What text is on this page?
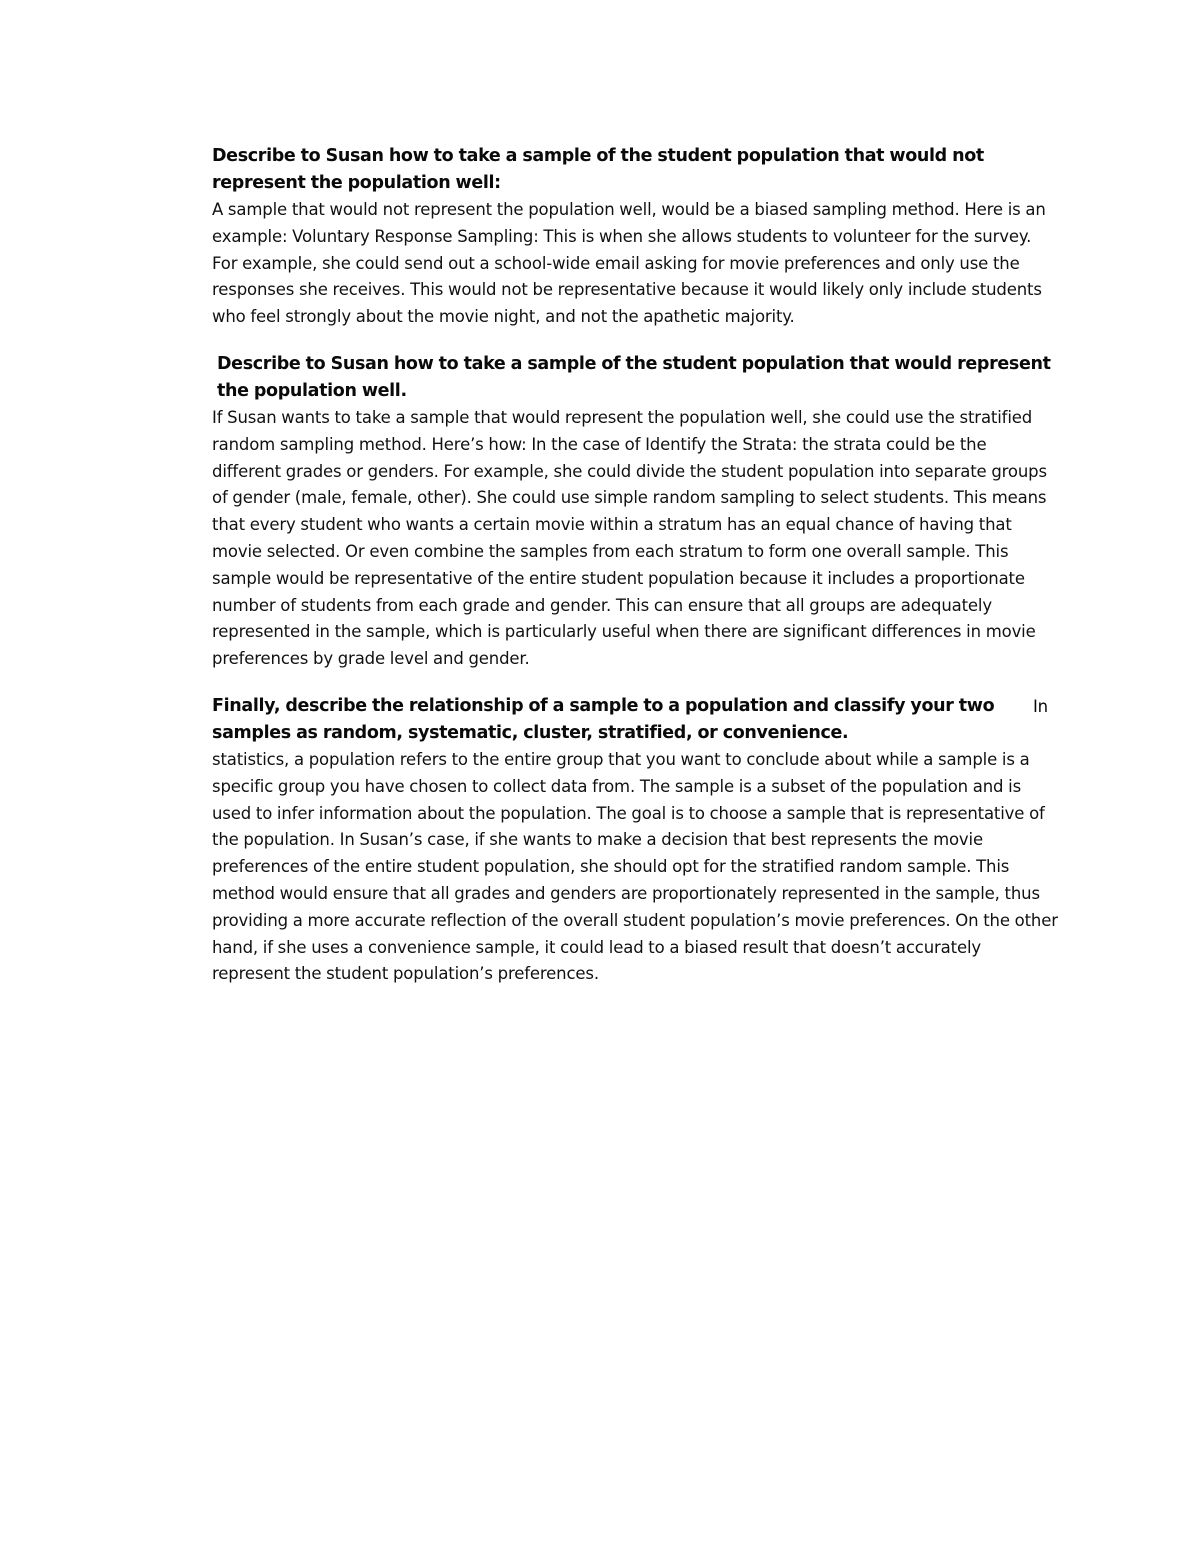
Describe to Susan how to take a sample of the student population that would not represent the population well:

A sample that would not represent the population well, would be a biased sampling method. Here is an example: Voluntary Response Sampling: This is when she allows students to volunteer for the survey. For example, she could send out a school-wide email asking for movie preferences and only use the responses she receives. This would not be representative because it would likely only include students who feel strongly about the movie night, and not the apathetic majority.

Describe to Susan how to take a sample of the student population that would represent the population well.

If Susan wants to take a sample that would represent the population well, she could use the stratified random sampling method. Here’s how: In the case of Identify the Strata: the strata could be the different grades or genders. For example, she could divide the student population into separate groups of gender (male, female, other). She could use simple random sampling to select students. This means that every student who wants a certain movie within a stratum has an equal chance of having that movie selected. Or even combine the samples from each stratum to form one overall sample. This sample would be representative of the entire student population because it includes a proportionate number of students from each grade and gender. This can ensure that all groups are adequately represented in the sample, which is particularly useful when there are significant differences in movie preferences by grade level and gender.

In
Finally, describe the relationship of a sample to a population and classify your two samples as random, systematic, cluster, stratified, or convenience.

statistics, a population refers to the entire group that you want to conclude about while a sample is a specific group you have chosen to collect data from. The sample is a subset of the population and is used to infer information about the population. The goal is to choose a sample that is representative of the population. In Susan’s case, if she wants to make a decision that best represents the movie preferences of the entire student population, she should opt for the stratified random sample. This method would ensure that all grades and genders are proportionately represented in the sample, thus providing a more accurate reflection of the overall student population’s movie preferences. On the other hand, if she uses a convenience sample, it could lead to a biased result that doesn’t accurately represent the student population’s preferences.
